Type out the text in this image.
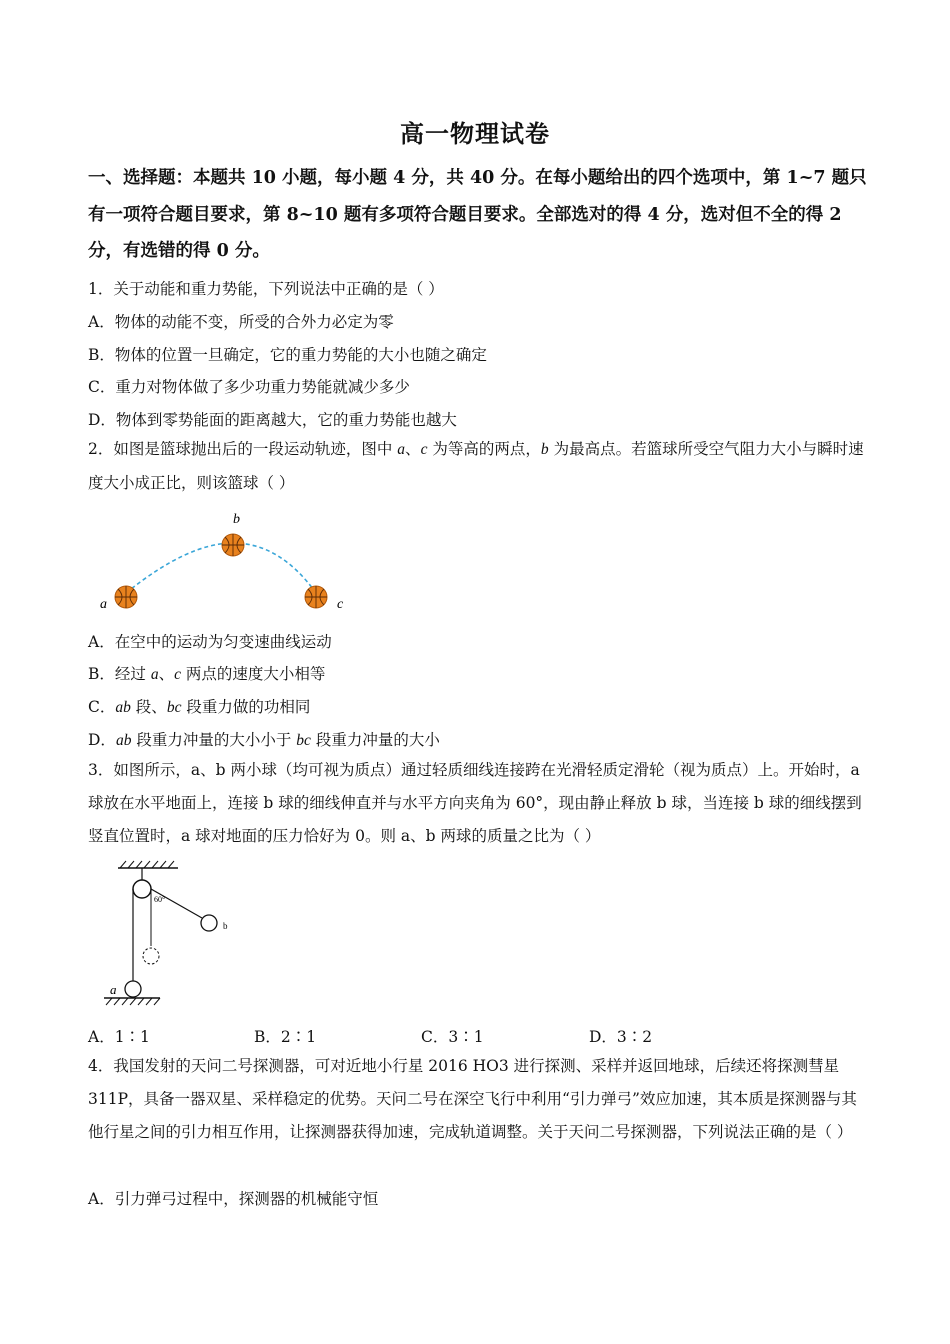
高一物理试卷
一、选择题：本题共 10 小题，每小题 4 分，共 40 分。在每小题给出的四个选项中，第 1~7 题只有一项符合题目要求，第 8~10 题有多项符合题目要求。全部选对的得 4 分，选对但不全的得 2 分，有选错的得 0 分。
1．关于动能和重力势能，下列说法中正确的是（ ）
A．物体的动能不变，所受的合外力必定为零
B．物体的位置一旦确定，它的重力势能的大小也随之确定
C．重力对物体做了多少功重力势能就减少多少
D．物体到零势能面的距离越大，它的重力势能也越大
2．如图是篮球抛出后的一段运动轨迹，图中 a、c 为等高的两点，b 为最高点。若篮球所受空气阻力大小与瞬时速度大小成正比，则该篮球（ ）
a
b
c
A．在空中的运动为匀变速曲线运动
B．经过 a、c 两点的速度大小相等
C．ab 段、bc 段重力做的功相同
D．ab 段重力冲量的大小小于 bc 段重力冲量的大小
3．如图所示，a、b 两小球（均可视为质点）通过轻质细线连接跨在光滑轻质定滑轮（视为质点）上。开始时，a 球放在水平地面上，连接 b 球的细线伸直并与水平方向夹角为 60°，现由静止释放 b 球，当连接 b 球的细线摆到竖直位置时，a 球对地面的压力恰好为 0。则 a、b 两球的质量之比为（ ）
60°
b
a
A．1∶1	B．2∶1	C．3∶1	D．3∶2
4．我国发射的天问二号探测器，可对近地小行星 2016 HO3 进行探测、采样并返回地球，后续还将探测彗星 311P，具备一器双星、采样稳定的优势。天问二号在深空飞行中利用“引力弹弓”效应加速，其本质是探测器与其他行星之间的引力相互作用，让探测器获得加速，完成轨道调整。关于天问二号探测器，下列说法正确的是（ ）
A．引力弹弓过程中，探测器的机械能守恒
